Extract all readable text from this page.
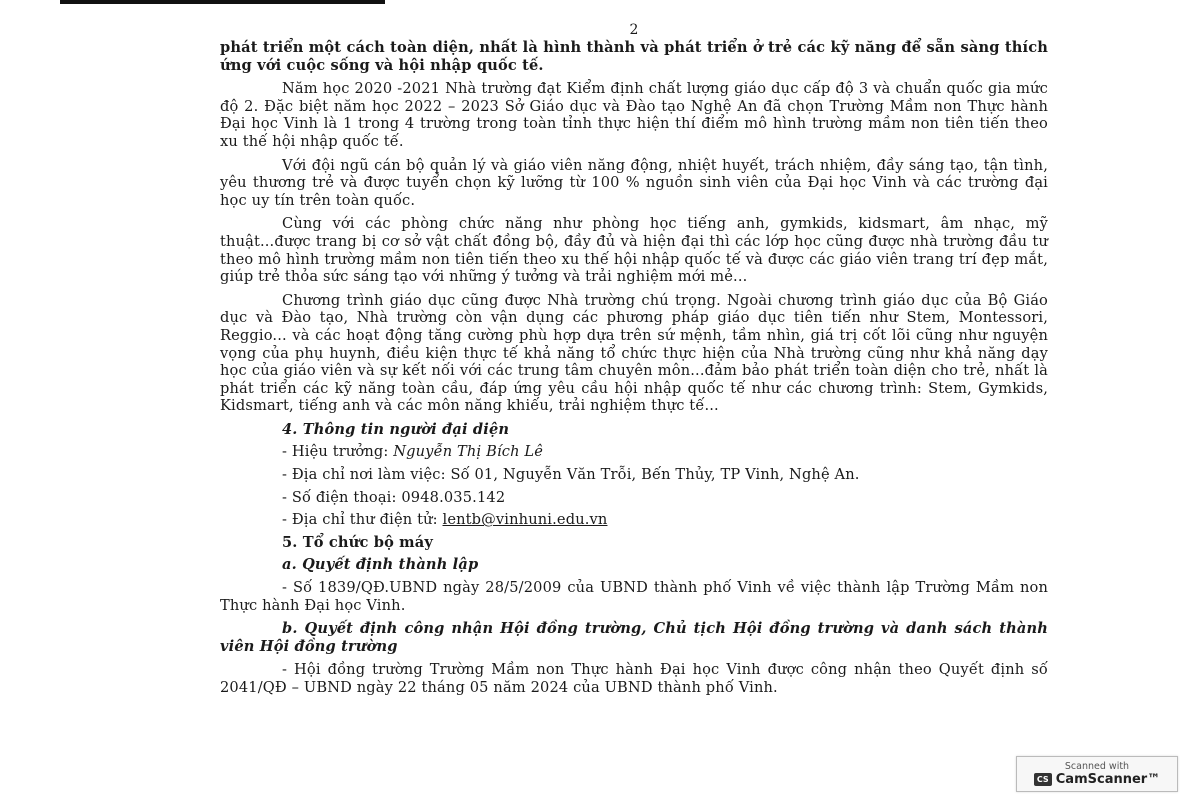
2

phát triển một cách toàn diện, nhất là hình thành và phát triển ở trẻ các kỹ năng để sẵn sàng thích ứng với cuộc sống và hội nhập quốc tế.

Năm học 2020 -2021 Nhà trường đạt Kiểm định chất lượng giáo dục cấp độ 3 và chuẩn quốc gia mức độ 2. Đặc biệt năm học 2022 – 2023 Sở Giáo dục và Đào tạo Nghệ An đã chọn Trường Mầm non Thực hành Đại học Vinh là 1 trong 4 trường trong toàn tỉnh thực hiện thí điểm mô hình trường mầm non tiên tiến theo xu thế hội nhập quốc tế.

Với đội ngũ cán bộ quản lý và giáo viên năng động, nhiệt huyết, trách nhiệm, đầy sáng tạo, tận tình, yêu thương trẻ và được tuyển chọn kỹ lưỡng từ 100 % nguồn sinh viên của Đại học Vinh và các trường đại học uy tín trên toàn quốc.

Cùng với các phòng chức năng như phòng học tiếng anh, gymkids, kidsmart, âm nhạc, mỹ thuật...được trang bị cơ sở vật chất đồng bộ, đầy đủ và hiện đại thì các lớp học cũng được nhà trường đầu tư theo mô hình trường mầm non tiên tiến theo xu thế hội nhập quốc tế và được các giáo viên trang trí đẹp mắt, giúp trẻ thỏa sức sáng tạo với những ý tưởng và trải nghiệm mới mẻ...

Chương trình giáo dục cũng được Nhà trường chú trọng. Ngoài chương trình giáo dục của Bộ Giáo dục và Đào tạo, Nhà trường còn vận dụng các phương pháp giáo dục tiên tiến như Stem, Montessori, Reggio... và các hoạt động tăng cường phù hợp dựa trên sứ mệnh, tầm nhìn, giá trị cốt lõi cũng như nguyện vọng của phụ huynh, điều kiện thực tế khả năng tổ chức thực hiện của Nhà trường cũng như khả năng dạy học của giáo viên và sự kết nối với các trung tâm chuyên môn...đảm bảo phát triển toàn diện cho trẻ, nhất là phát triển các kỹ năng toàn cầu, đáp ứng yêu cầu hội nhập quốc tế như các chương trình: Stem, Gymkids, Kidsmart, tiếng anh và các môn năng khiếu, trải nghiệm thực tế...

4. Thông tin người đại diện
- Hiệu trưởng: Nguyễn Thị Bích Lê
- Địa chỉ nơi làm việc: Số 01, Nguyễn Văn Trỗi, Bến Thủy, TP Vinh, Nghệ An.
- Số điện thoại: 0948.035.142
- Địa chỉ thư điện tử: lentb@vinhuni.edu.vn
5. Tổ chức bộ máy
a. Quyết định thành lập

- Số 1839/QĐ.UBND ngày 28/5/2009 của UBND thành phố Vinh về việc thành lập Trường Mầm non Thực hành Đại học Vinh.

b. Quyết định công nhận Hội đồng trường, Chủ tịch Hội đồng trường và danh sách thành viên Hội đồng trường

- Hội đồng trường Trường Mầm non Thực hành Đại học Vinh được công nhận theo Quyết định số 2041/QĐ – UBND ngày 22 tháng 05 năm 2024 của UBND thành phố Vinh.

Scanned with
CS CamScanner™
